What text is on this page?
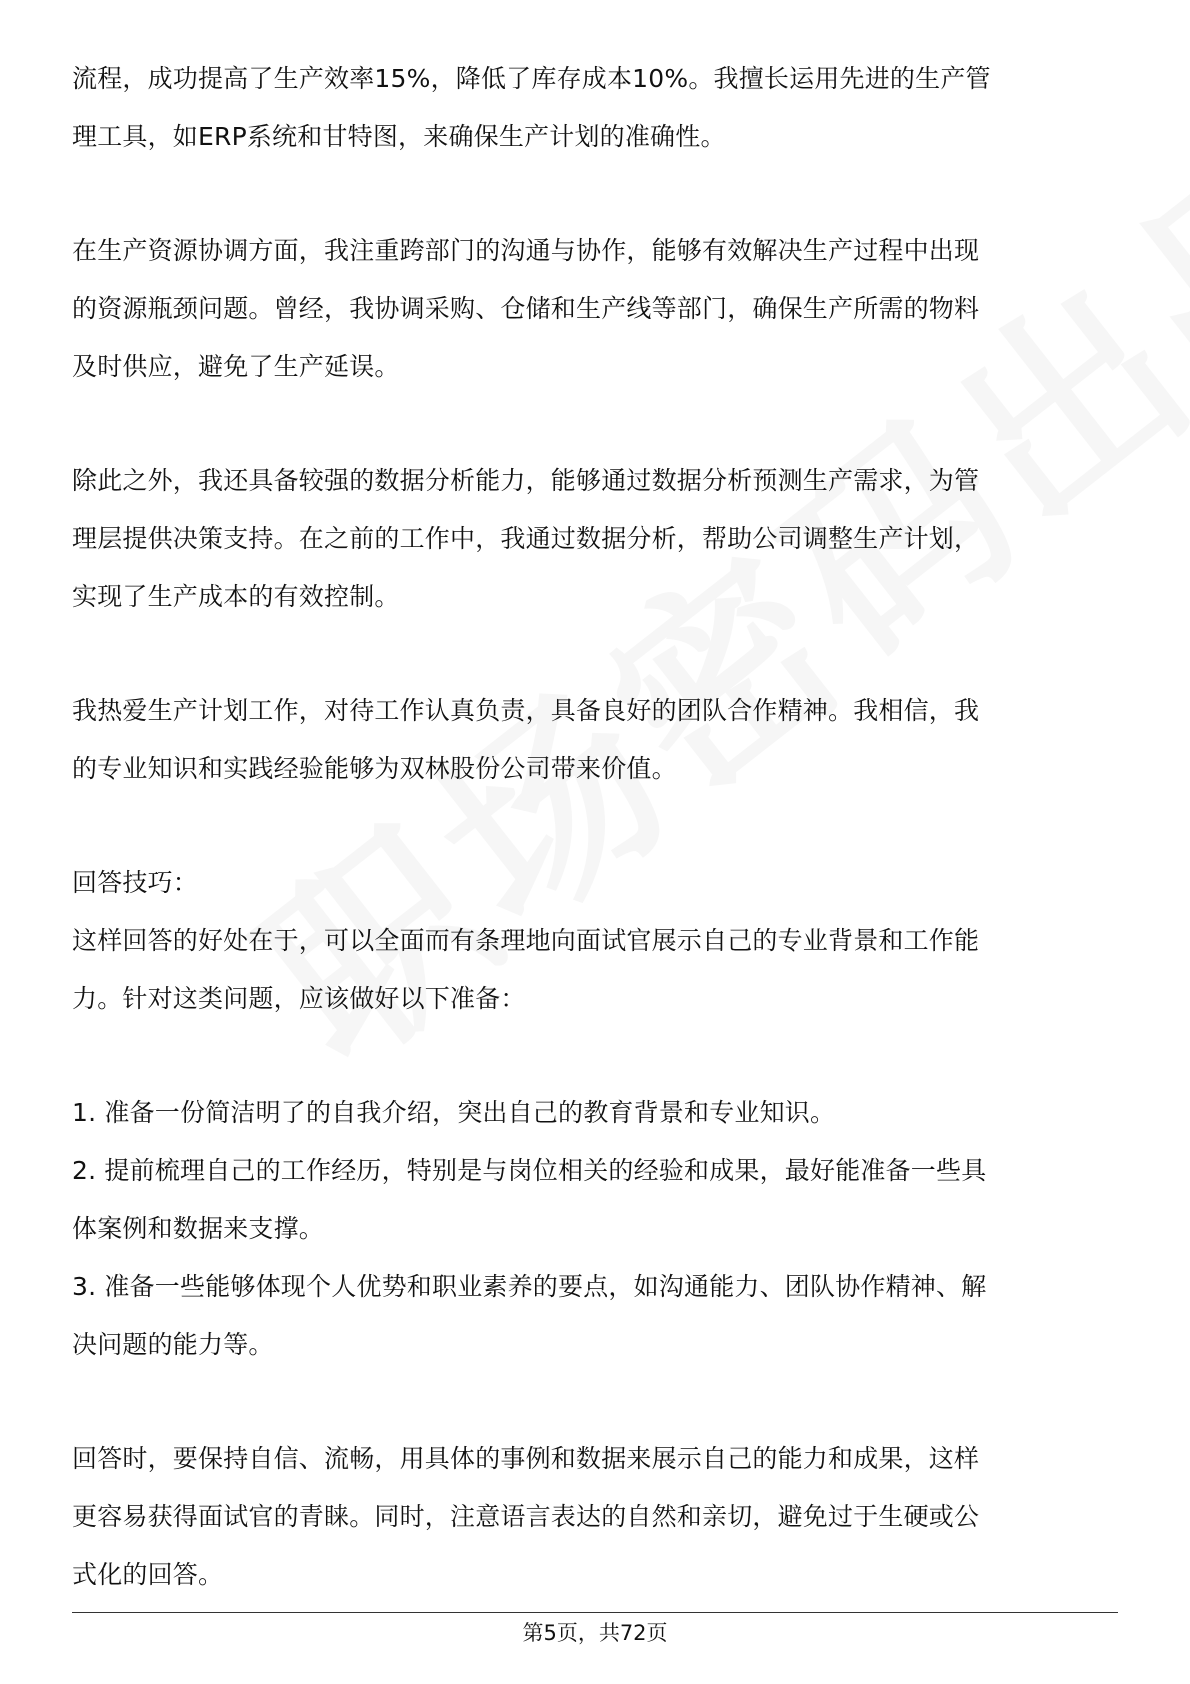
流程，成功提高了生产效率15%，降低了库存成本10%。我擅长运用先进的生产管
理工具，如ERP系统和甘特图，来确保生产计划的准确性。
在生产资源协调方面，我注重跨部门的沟通与协作，能够有效解决生产过程中出现
的资源瓶颈问题。曾经，我协调采购、仓储和生产线等部门，确保生产所需的物料
及时供应，避免了生产延误。
除此之外，我还具备较强的数据分析能力，能够通过数据分析预测生产需求，为管
理层提供决策支持。在之前的工作中，我通过数据分析，帮助公司调整生产计划，
实现了生产成本的有效控制。
我热爱生产计划工作，对待工作认真负责，具备良好的团队合作精神。我相信，我
的专业知识和实践经验能够为双林股份公司带来价值。
回答技巧：
这样回答的好处在于，可以全面而有条理地向面试官展示自己的专业背景和工作能
力。针对这类问题，应该做好以下准备：
1. 准备一份简洁明了的自我介绍，突出自己的教育背景和专业知识。
2. 提前梳理自己的工作经历，特别是与岗位相关的经验和成果，最好能准备一些具
体案例和数据来支撑。
3. 准备一些能够体现个人优势和职业素养的要点，如沟通能力、团队协作精神、解
决问题的能力等。
回答时，要保持自信、流畅，用具体的事例和数据来展示自己的能力和成果，这样
更容易获得面试官的青睐。同时，注意语言表达的自然和亲切，避免过于生硬或公
式化的回答。
第5页，共72页
